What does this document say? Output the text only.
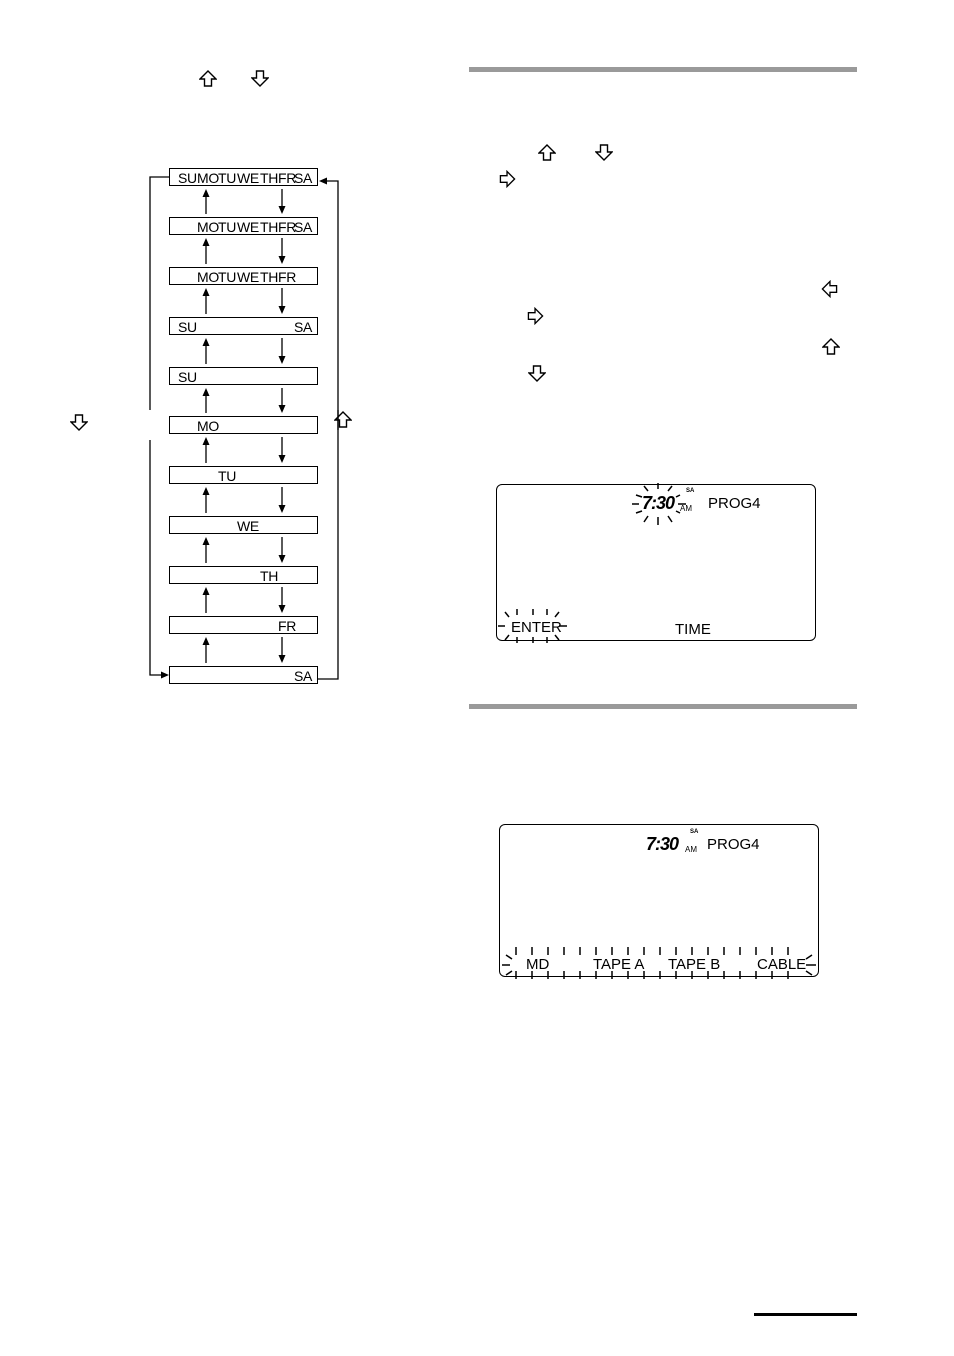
SU MO TU WE TH FR
SA
MO TU WE TH FR
SA
MO TU WE TH FR
SU	SA
SU
MO
TU
WE
TH
FR
SA
7:30
SA
AM PROG4
ENTER	TIME
7:30
SA
AM PROG4
MD	TAPE A TAPE B CABLE
